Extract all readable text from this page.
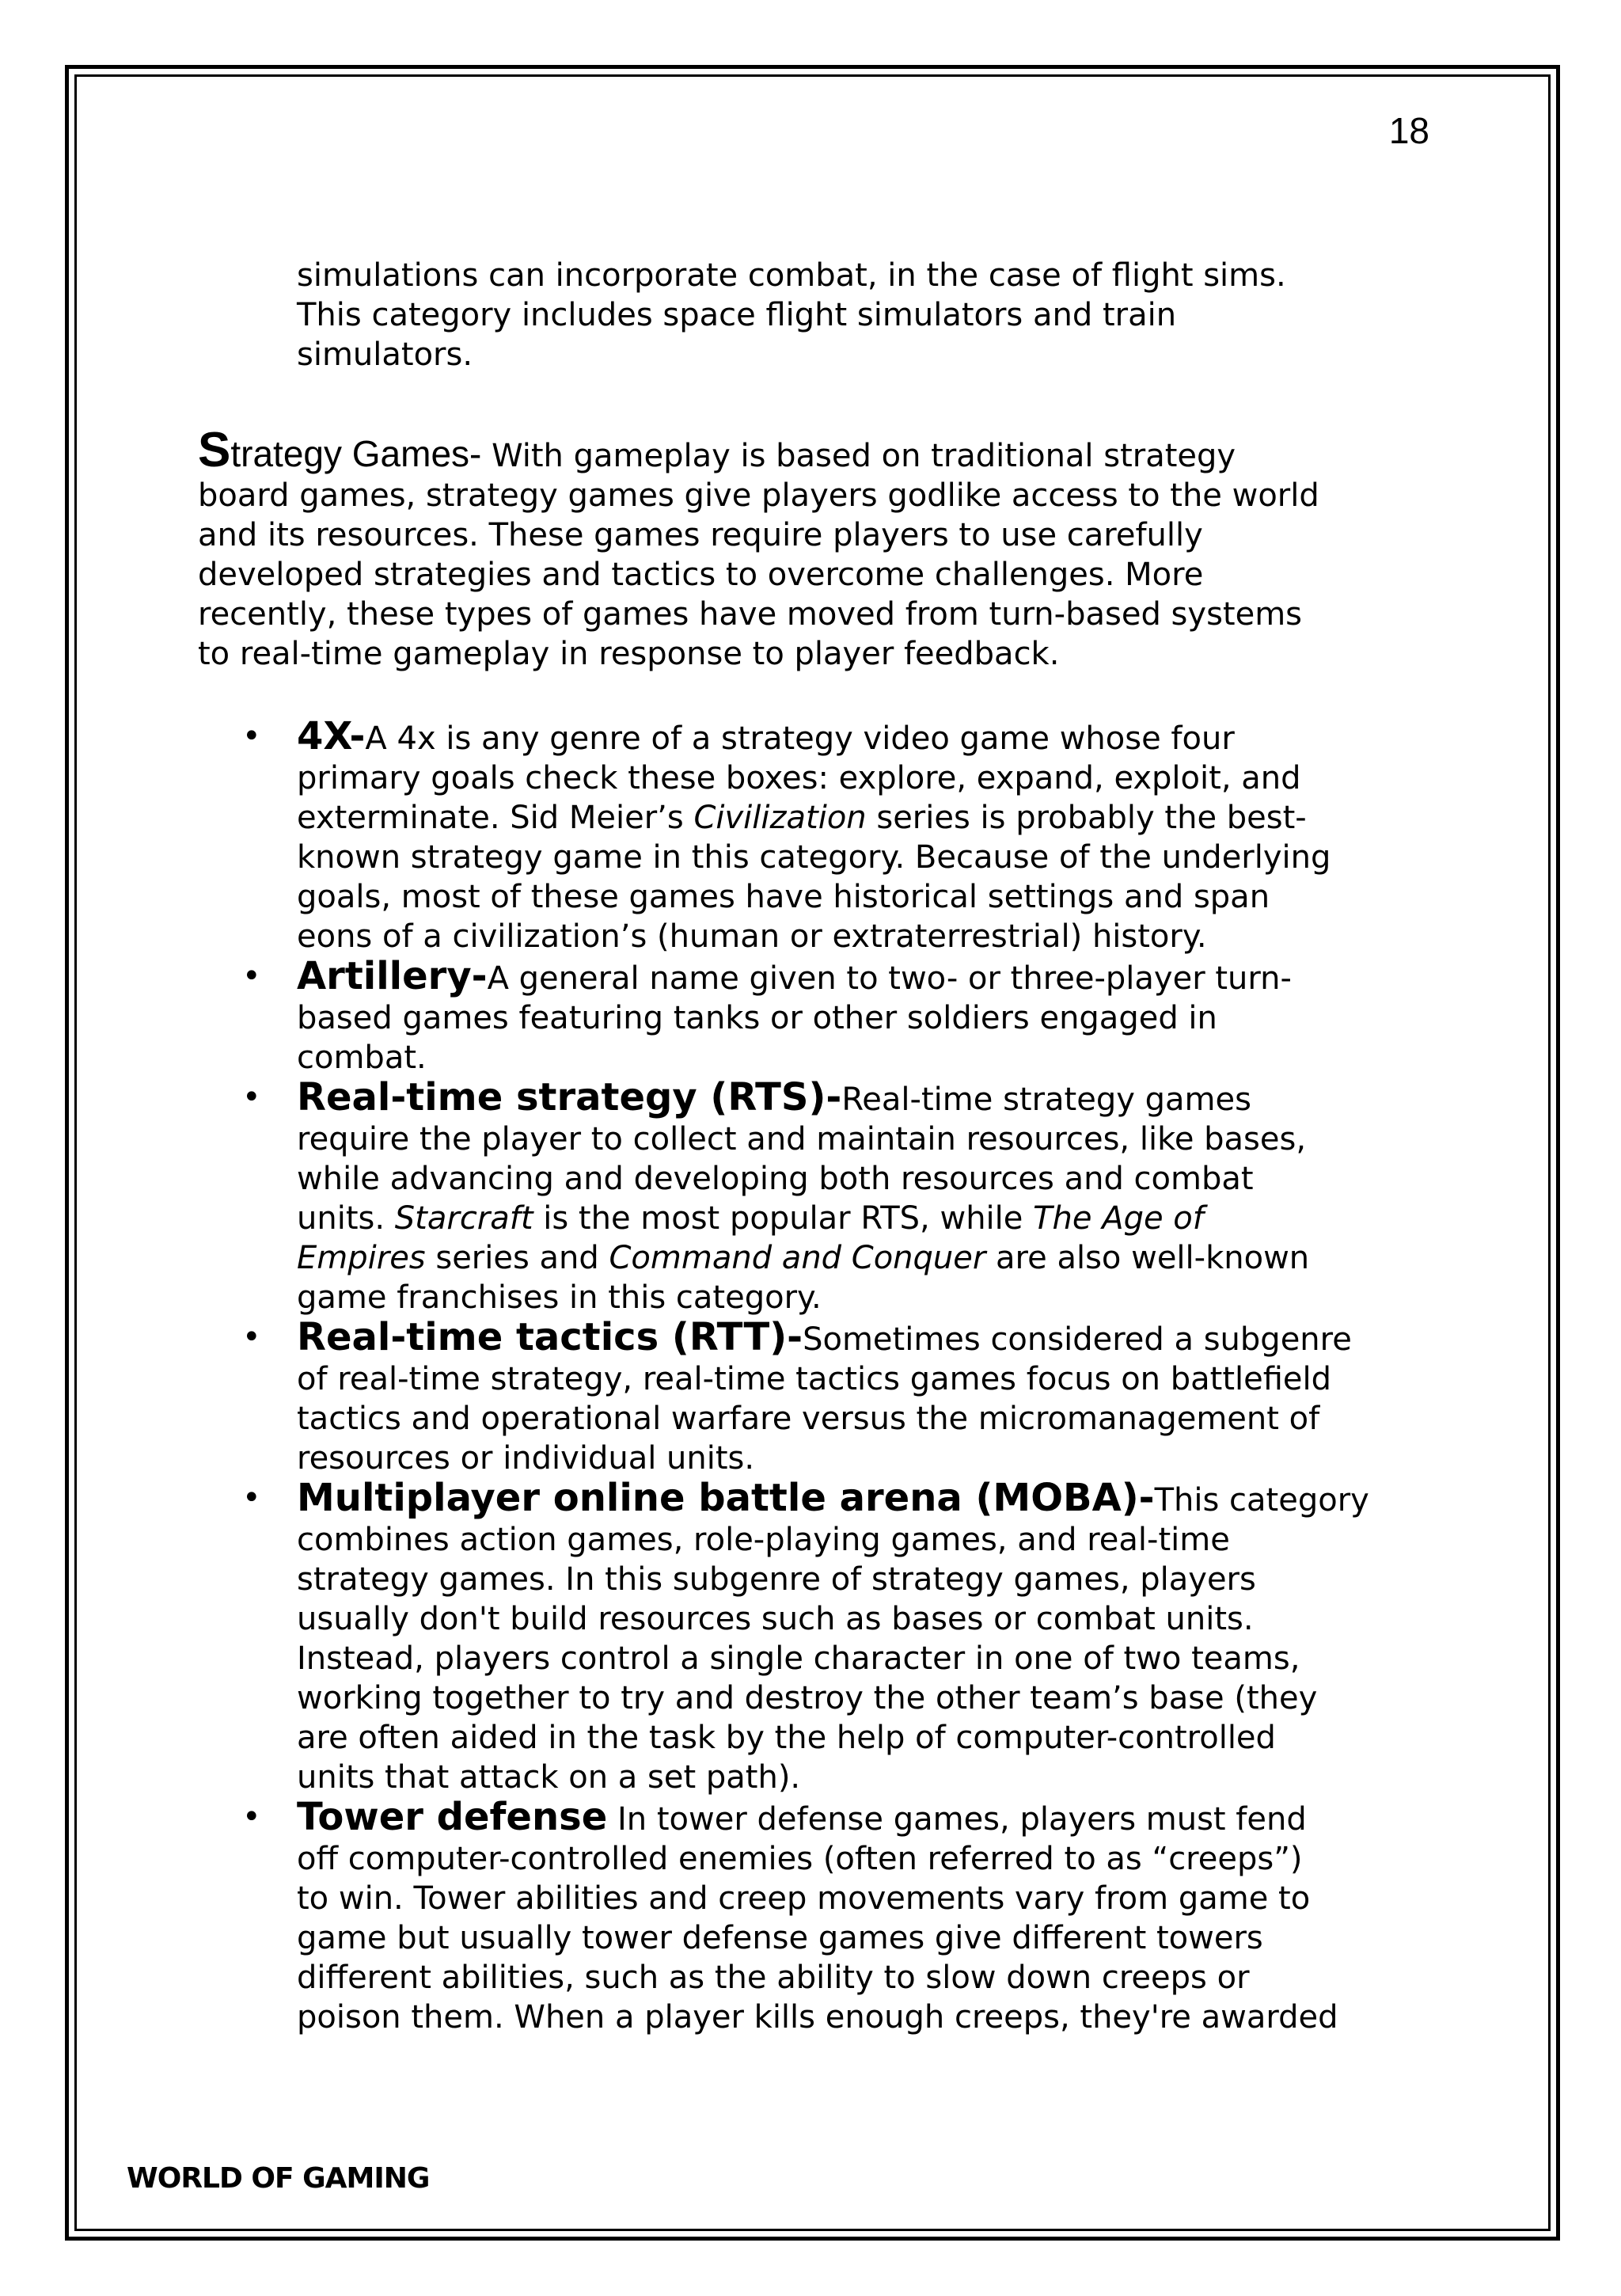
18
simulations can incorporate combat, in the case of flight sims.
This category includes space flight simulators and train
simulators.
Strategy Games- With gameplay is based on traditional strategy
board games, strategy games give players godlike access to the world
and its resources. These games require players to use carefully
developed strategies and tactics to overcome challenges. More
recently, these types of games have moved from turn-based systems
to real-time gameplay in response to player feedback.
• 4X-A 4x is any genre of a strategy video game whose four
primary goals check these boxes: explore, expand, exploit, and
exterminate. Sid Meier’s Civilization series is probably the best-
known strategy game in this category. Because of the underlying
goals, most of these games have historical settings and span
eons of a civilization’s (human or extraterrestrial) history.
• Artillery-A general name given to two- or three-player turn-
based games featuring tanks or other soldiers engaged in
combat.
• Real-time strategy (RTS)-Real-time strategy games
require the player to collect and maintain resources, like bases,
while advancing and developing both resources and combat
units. Starcraft is the most popular RTS, while The Age of
Empires series and Command and Conquer are also well-known
game franchises in this category.
• Real-time tactics (RTT)-Sometimes considered a subgenre
of real-time strategy, real-time tactics games focus on battlefield
tactics and operational warfare versus the micromanagement of
resources or individual units.
• Multiplayer online battle arena (MOBA)-This category
combines action games, role-playing games, and real-time
strategy games. In this subgenre of strategy games, players
usually don't build resources such as bases or combat units.
Instead, players control a single character in one of two teams,
working together to try and destroy the other team’s base (they
are often aided in the task by the help of computer-controlled
units that attack on a set path).
• Tower defense In tower defense games, players must fend
off computer-controlled enemies (often referred to as “creeps”)
to win. Tower abilities and creep movements vary from game to
game but usually tower defense games give different towers
different abilities, such as the ability to slow down creeps or
poison them. When a player kills enough creeps, they're awarded
WORLD OF GAMING
